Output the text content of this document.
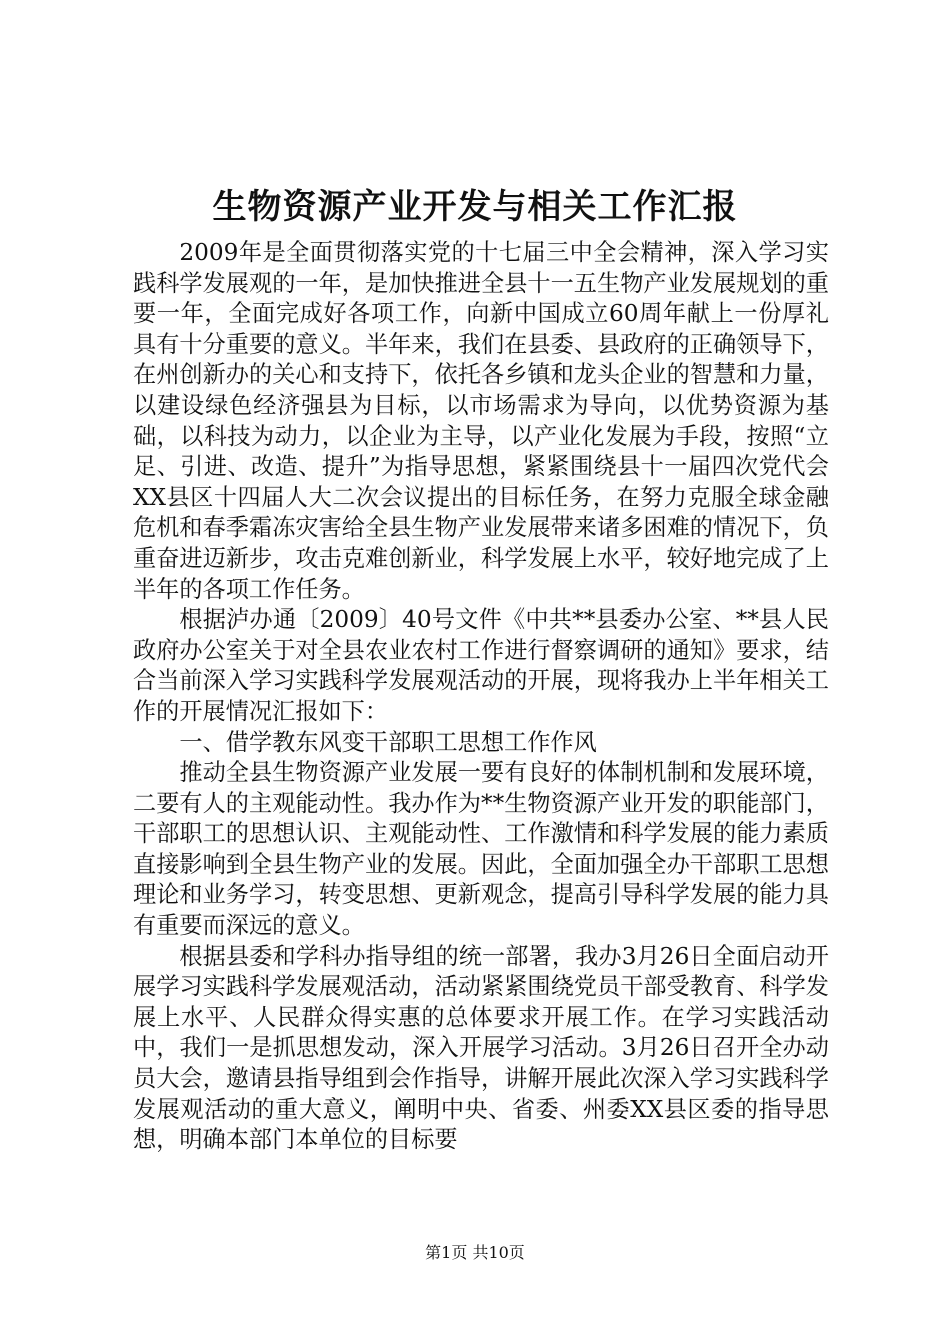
生物资源产业开发与相关工作汇报

2009年是全面贯彻落实党的十七届三中全会精神，深入学习实践科学发展观的一年，是加快推进全县十一五生物产业发展规划的重要一年，全面完成好各项工作，向新中国成立60周年献上一份厚礼具有十分重要的意义。半年来，我们在县委、县政府的正确领导下，在州创新办的关心和支持下，依托各乡镇和龙头企业的智慧和力量，以建设绿色经济强县为目标，以市场需求为导向，以优势资源为基础，以科技为动力，以企业为主导，以产业化发展为手段，按照“立足、引进、改造、提升”为指导思想，紧紧围绕县十一届四次党代会XX县区十四届人大二次会议提出的目标任务，在努力克服全球金融危机和春季霜冻灾害给全县生物产业发展带来诸多困难的情况下，负重奋进迈新步，攻击克难创新业，科学发展上水平，较好地完成了上半年的各项工作任务。

根据泸办通〔2009〕40号文件《中共**县委办公室、**县人民政府办公室关于对全县农业农村工作进行督察调研的通知》要求，结合当前深入学习实践科学发展观活动的开展，现将我办上半年相关工作的开展情况汇报如下：

一、借学教东风变干部职工思想工作作风

推动全县生物资源产业发展一要有良好的体制机制和发展环境，二要有人的主观能动性。我办作为**生物资源产业开发的职能部门，干部职工的思想认识、主观能动性、工作激情和科学发展的能力素质直接影响到全县生物产业的发展。因此，全面加强全办干部职工思想理论和业务学习，转变思想、更新观念，提高引导科学发展的能力具有重要而深远的意义。

根据县委和学科办指导组的统一部署，我办3月26日全面启动开展学习实践科学发展观活动，活动紧紧围绕党员干部受教育、科学发展上水平、人民群众得实惠的总体要求开展工作。在学习实践活动中，我们一是抓思想发动，深入开展学习活动。3月26日召开全办动员大会，邀请县指导组到会作指导，讲解开展此次深入学习实践科学发展观活动的重大意义，阐明中央、省委、州委XX县区委的指导思想，明确本部门本单位的目标要

第1页 共10页
